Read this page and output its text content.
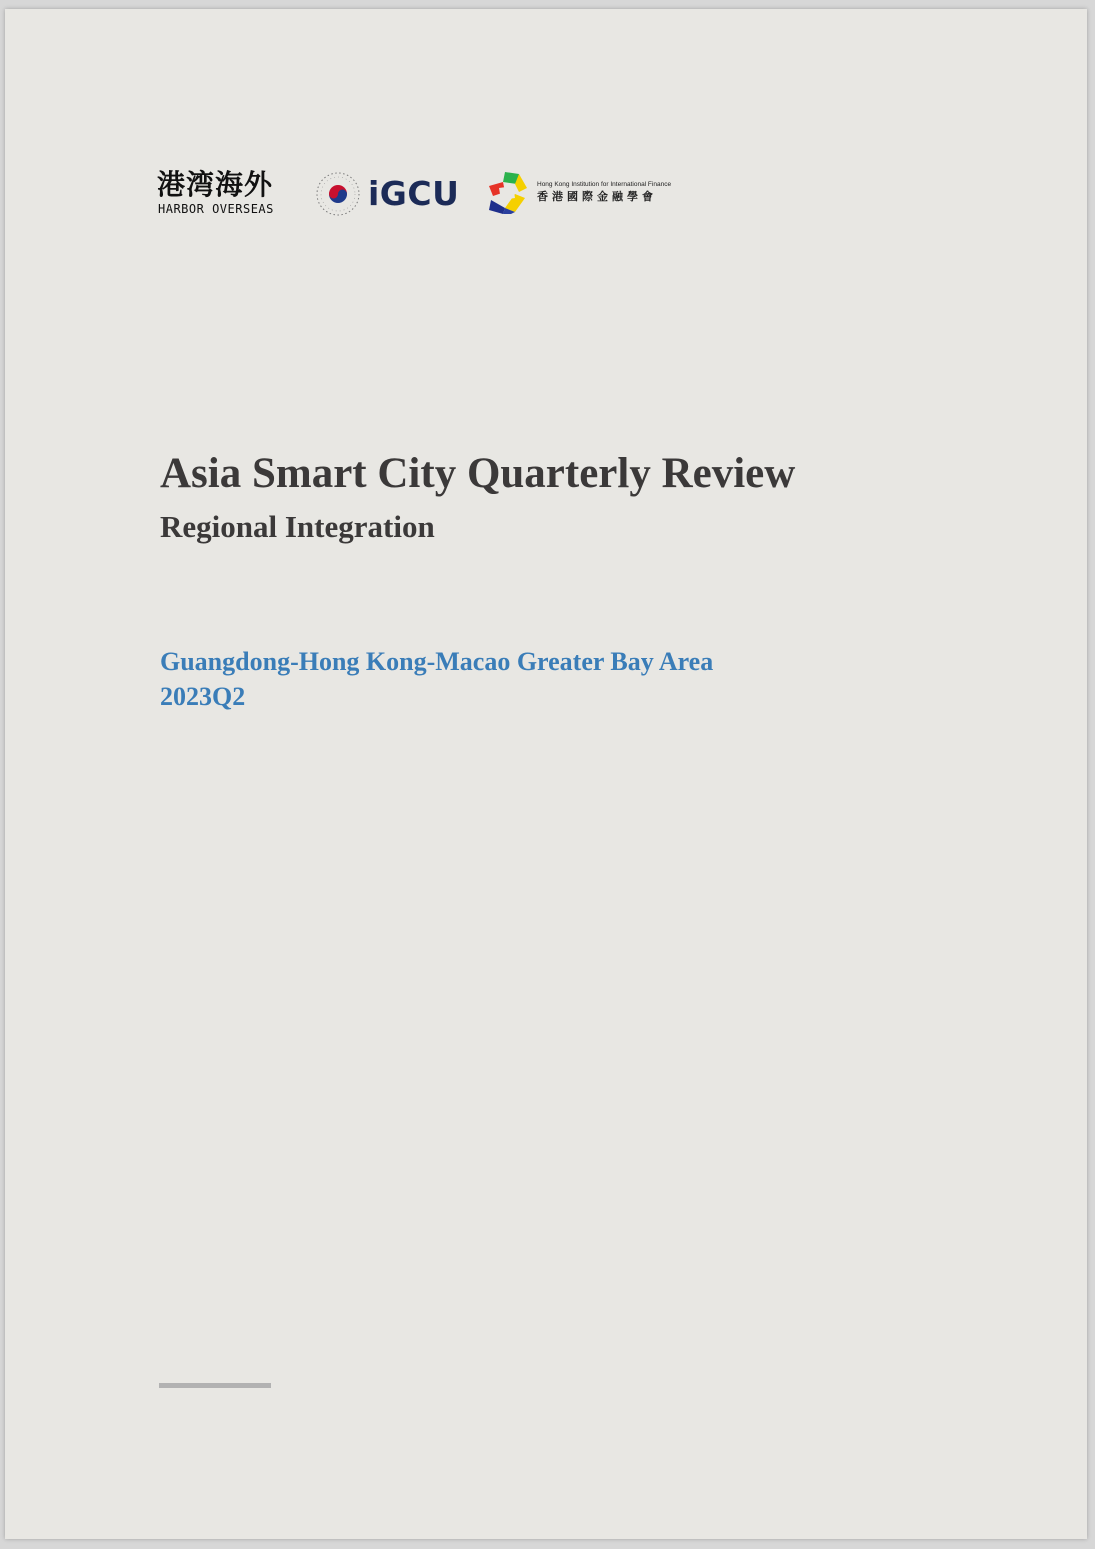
港湾海外
HARBOR OVERSEAS	iGCU	Hong Kong Institution for International Finance
香港國際金融學會
Asia Smart City Quarterly Review
Regional Integration
Guangdong-Hong Kong-Macao Greater Bay Area
2023Q2
